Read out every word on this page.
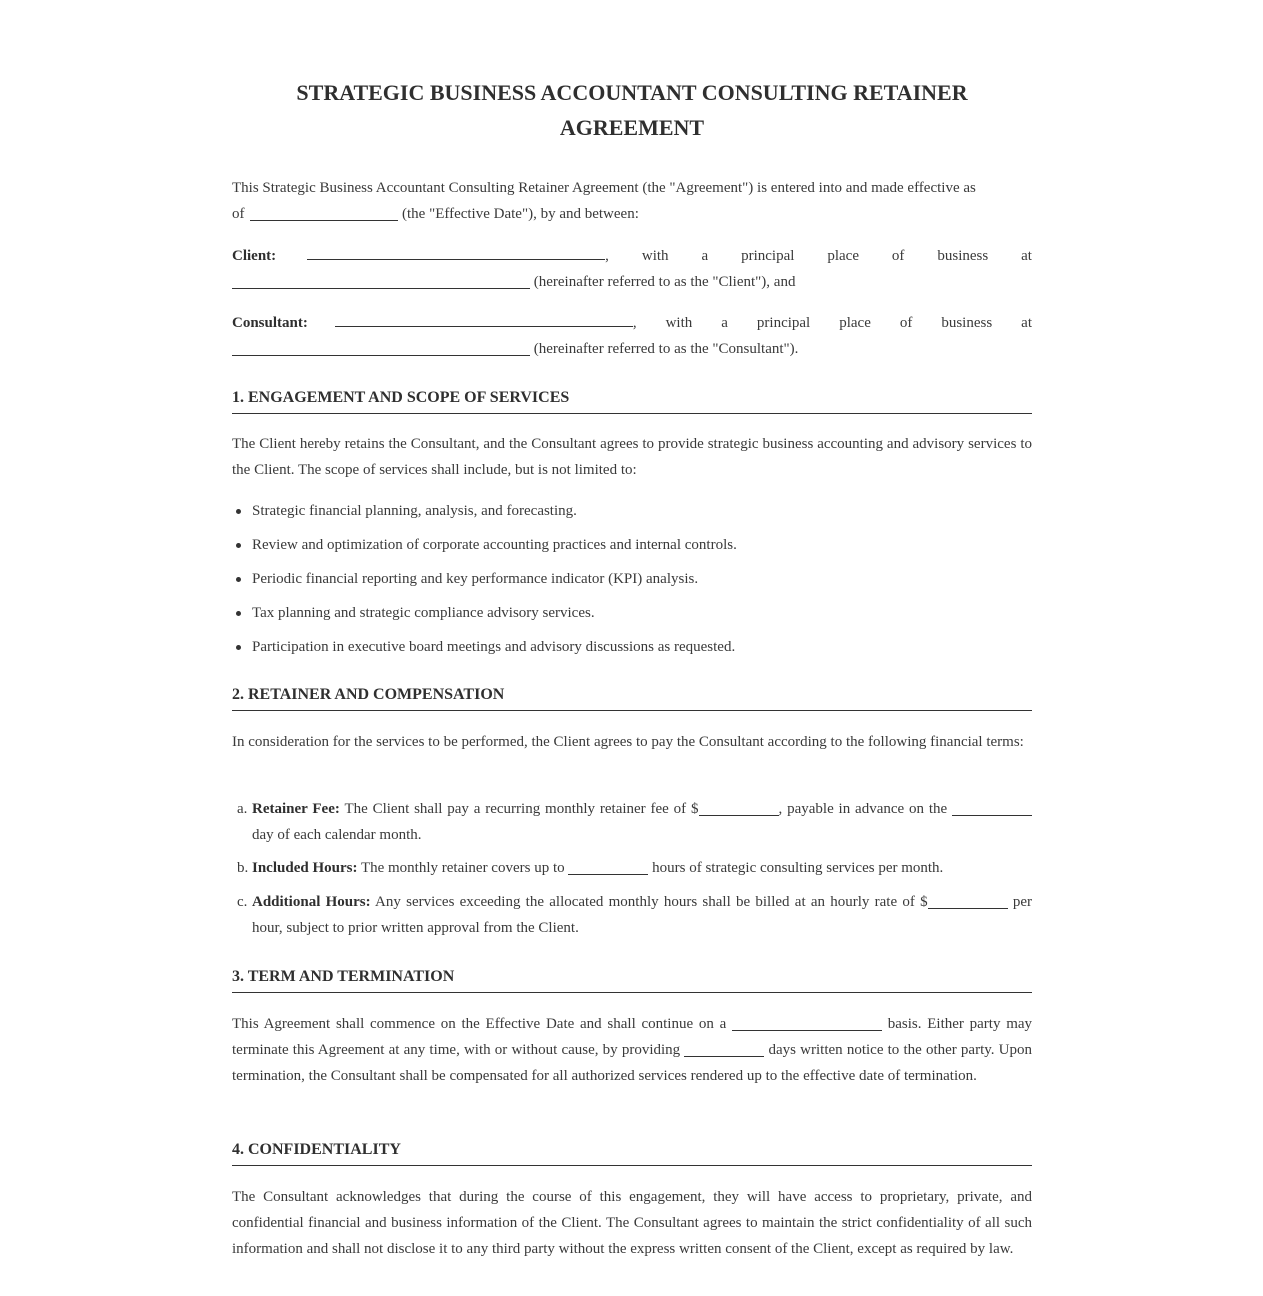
STRATEGIC BUSINESS ACCOUNTANT CONSULTING RETAINER
AGREEMENT
This Strategic Business Accountant Consulting Retainer Agreement (the "Agreement") is entered into and made effective as
of	(the "Effective Date"), by and between:
Client:	, with a principal place of business at
(hereinafter referred to as the "Client"), and
Consultant:	, with a principal place of business at
(hereinafter referred to as the "Consultant").
1. ENGAGEMENT AND SCOPE OF SERVICES
The Client hereby retains the Consultant, and the Consultant agrees to provide strategic business accounting and advisory services to the Client. The scope of services shall include, but is not limited to:
Strategic financial planning, analysis, and forecasting.
Review and optimization of corporate accounting practices and internal controls.
Periodic financial reporting and key performance indicator (KPI) analysis.
Tax planning and strategic compliance advisory services.
Participation in executive board meetings and advisory discussions as requested.
2. RETAINER AND COMPENSATION
In consideration for the services to be performed, the Client agrees to pay the Consultant according to the following financial terms:
a. Retainer Fee: The Client shall pay a recurring monthly retainer fee of $	, payable in advance on the  day of each calendar month.
b. Included Hours: The monthly retainer covers up to	hours of strategic consulting services per month.
c. Additional Hours: Any services exceeding the allocated monthly hours shall be billed at an hourly rate of $	per hour, subject to prior written approval from the Client.
3. TERM AND TERMINATION
This Agreement shall commence on the Effective Date and shall continue on a	basis. Either party may terminate this Agreement at any time, with or without cause, by providing	days written notice to the other party. Upon termination, the Consultant shall be compensated for all authorized services rendered up to the effective date of termination.
4. CONFIDENTIALITY
The Consultant acknowledges that during the course of this engagement, they will have access to proprietary, private, and confidential financial and business information of the Client. The Consultant agrees to maintain the strict confidentiality of all such information and shall not disclose it to any third party without the express written consent of the Client, except as required by law.
